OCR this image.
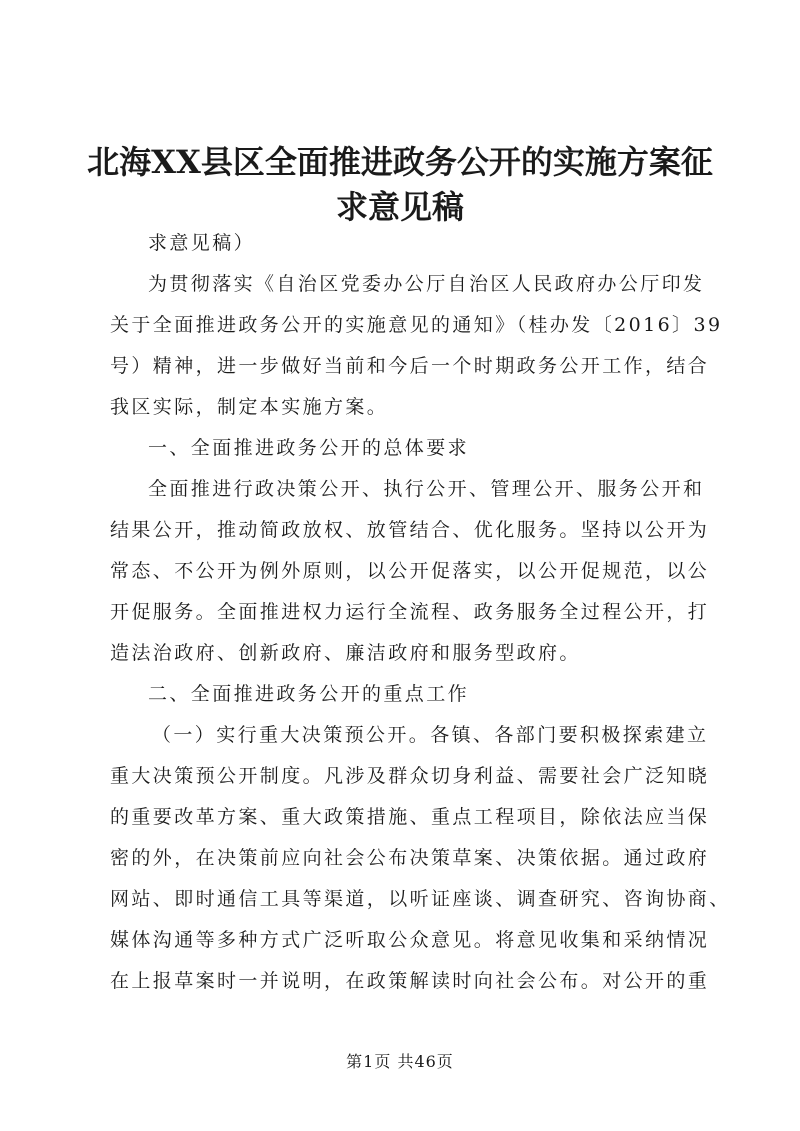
北海XX县区全面推进政务公开的实施方案征
求意见稿

求意见稿）

为贯彻落实《自治区党委办公厅自治区人民政府办公厅印发

关于全面推进政务公开的实施意见的通知》（桂办发〔2016〕39

号）精神，进一步做好当前和今后一个时期政务公开工作，结合

我区实际，制定本实施方案。

一、全面推进政务公开的总体要求

全面推进行政决策公开、执行公开、管理公开、服务公开和

结果公开，推动简政放权、放管结合、优化服务。坚持以公开为

常态、不公开为例外原则，以公开促落实，以公开促规范，以公

开促服务。全面推进权力运行全流程、政务服务全过程公开，打

造法治政府、创新政府、廉洁政府和服务型政府。

二、全面推进政务公开的重点工作

（一）实行重大决策预公开。各镇、各部门要积极探索建立

重大决策预公开制度。凡涉及群众切身利益、需要社会广泛知晓

的重要改革方案、重大政策措施、重点工程项目，除依法应当保

密的外，在决策前应向社会公布决策草案、决策依据。通过政府

网站、即时通信工具等渠道，以听证座谈、调查研究、咨询协商、

媒体沟通等多种方式广泛听取公众意见。将意见收集和采纳情况

在上报草案时一并说明，在政策解读时向社会公布。对公开的重

第1页 共46页
